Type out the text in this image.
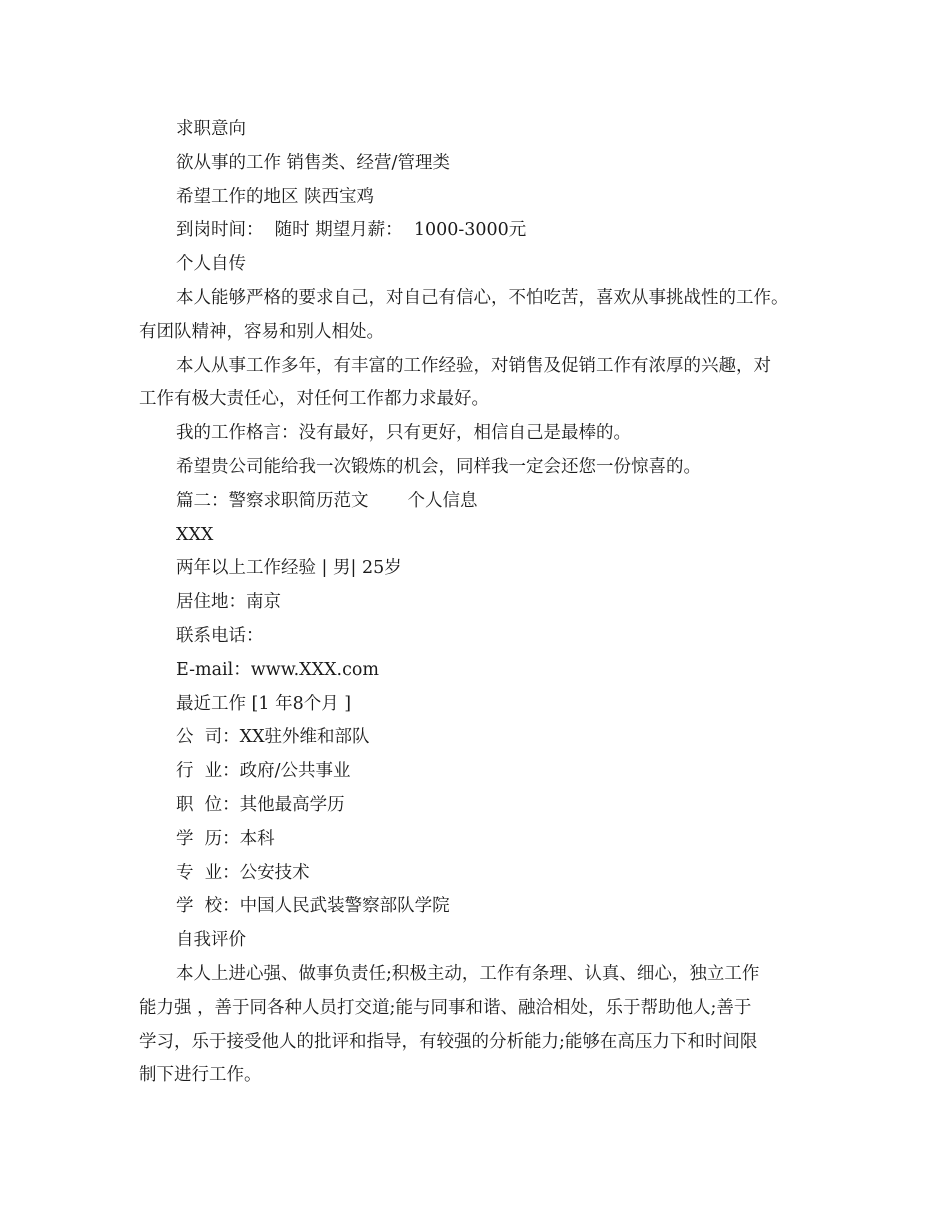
求职意向
欲从事的工作 销售类、经营/管理类
希望工作的地区 陕西宝鸡
到岗时间：  随时 期望月薪：  1000-3000元
个人自传
本人能够严格的要求自己，对自己有信心，不怕吃苦，喜欢从事挑战性的工作。
有团队精神，容易和别人相处。
本人从事工作多年，有丰富的工作经验，对销售及促销工作有浓厚的兴趣，对
工作有极大责任心，对任何工作都力求最好。
我的工作格言：没有最好，只有更好，相信自己是最棒的。
希望贵公司能给我一次锻炼的机会，同样我一定会还您一份惊喜的。
篇二：警察求职简历范文       个人信息
XXX
两年以上工作经验 | 男| 25岁
居住地：南京
联系电话：
E-mail：www.XXX.com
最近工作 [1 年8个月 ]
公  司：XX驻外维和部队
行  业：政府/公共事业
职  位：其他最高学历
学  历：本科
专  业：公安技术
学  校：中国人民武装警察部队学院
自我评价
本人上进心强、做事负责任;积极主动，工作有条理、认真、细心，独立工作
能力强 ，善于同各种人员打交道;能与同事和谐、融洽相处，乐于帮助他人;善于
学习，乐于接受他人的批评和指导，有较强的分析能力;能够在高压力下和时间限
制下进行工作。
